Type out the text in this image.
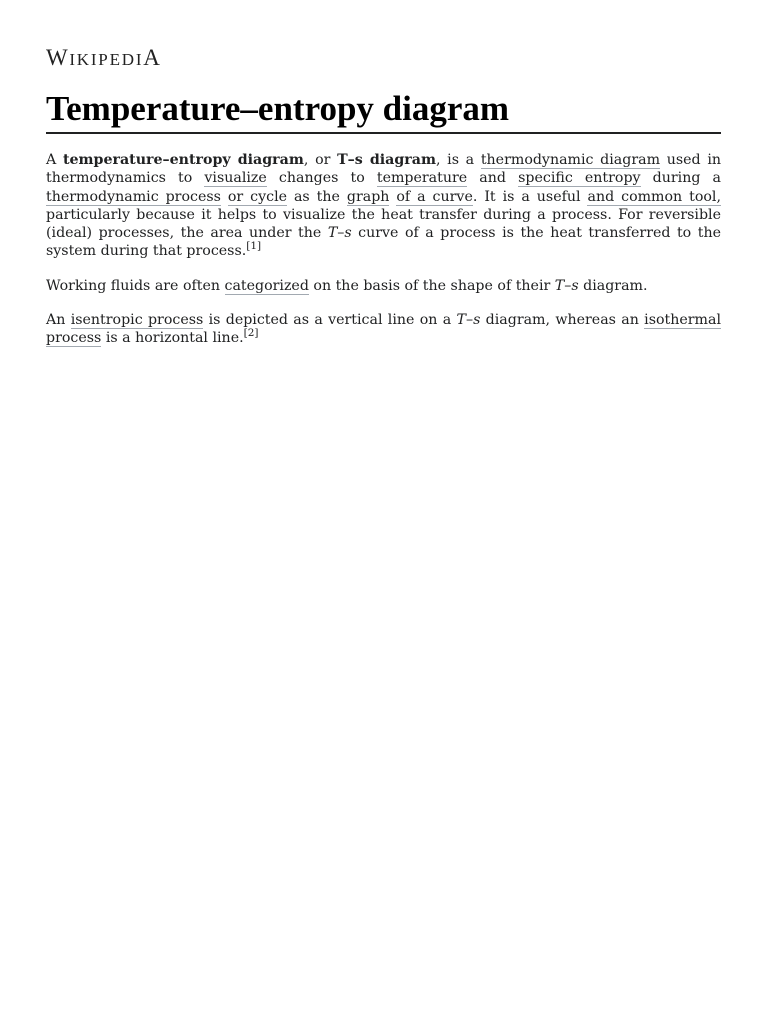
WIKIPEDIA
Temperature–entropy diagram

A temperature–entropy diagram, or T–s diagram, is a thermodynamic diagram used in thermodynamics to visualize changes to temperature and specific entropy during a thermodynamic process or cycle as the graph of a curve. It is a useful and common tool, particularly because it helps to visualize the heat transfer during a process. For reversible (ideal) processes, the area under the T–s curve of a process is the heat transferred to the system during that process.[1]

Working fluids are often categorized on the basis of the shape of their T–s diagram.

An isentropic process is depicted as a vertical line on a T–s diagram, whereas an isothermal process is a horizontal line.[2]
